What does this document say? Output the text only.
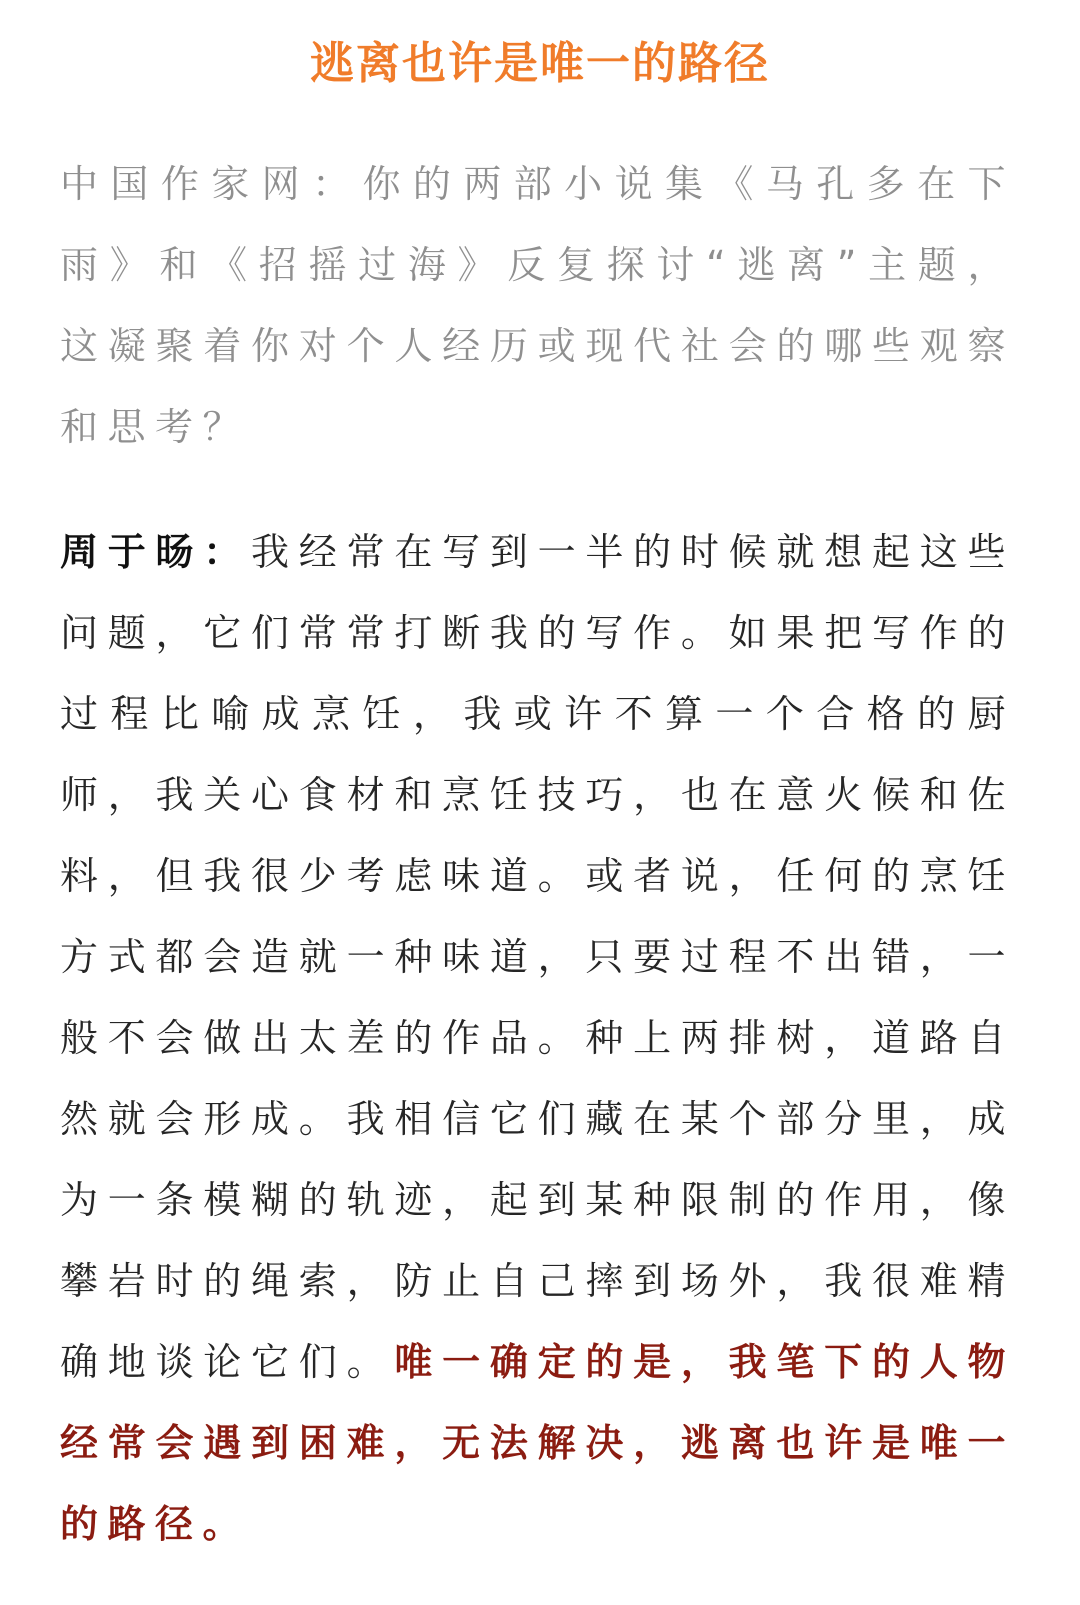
逃离也许是唯一的路径
中国作家网：你的两部小说集《马孔多在下雨》和《招摇过海》反复探讨“逃离”主题，这凝聚着你对个人经历或现代社会的哪些观察和思考？
周于旸：我经常在写到一半的时候就想起这些问题，它们常常打断我的写作。如果把写作的过程比喻成烹饪，我或许不算一个合格的厨师，我关心食材和烹饪技巧，也在意火候和佐料，但我很少考虑味道。或者说，任何的烹饪方式都会造就一种味道，只要过程不出错，一般不会做出太差的作品。种上两排树，道路自然就会形成。我相信它们藏在某个部分里，成为一条模糊的轨迹，起到某种限制的作用，像攀岩时的绳索，防止自己摔到场外，我很难精确地谈论它们。唯一确定的是，我笔下的人物经常会遇到困难，无法解决，逃离也许是唯一的路径。
